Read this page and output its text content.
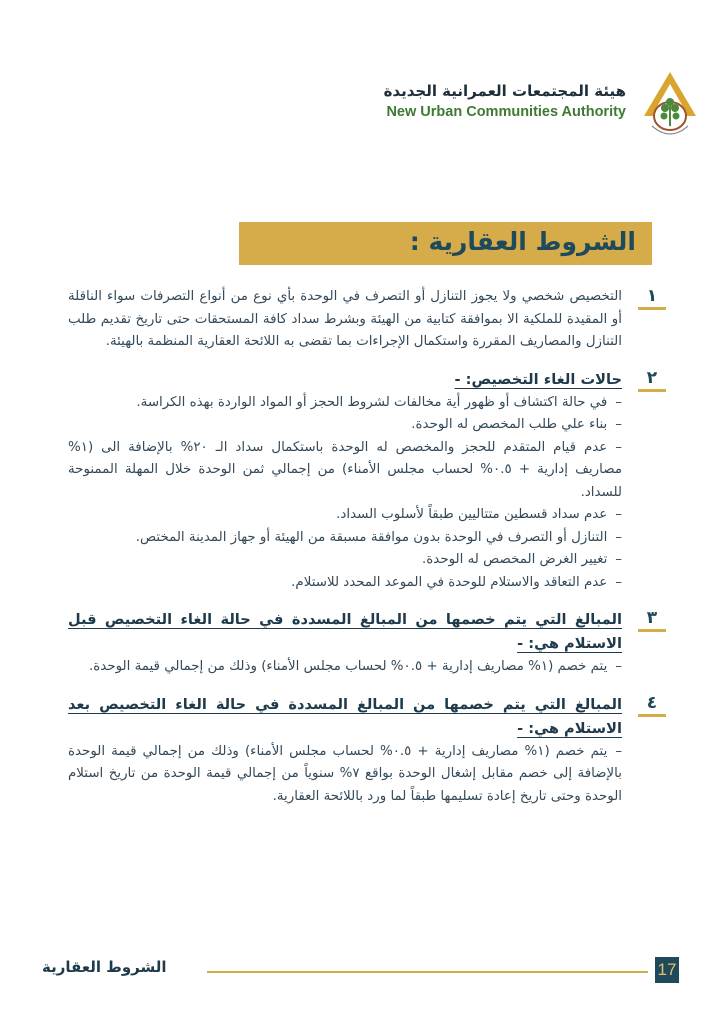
هيئة المجتمعات العمرانية الجديدة
New Urban Communities Authority
الشروط العقارية :
١
التخصيص شخصي ولا يجوز التنازل أو التصرف في الوحدة بأي نوع من أنواع التصرفات سواء الناقلة أو المقيدة للملكية الا بموافقة كتابية من الهيئة وبشرط سداد كافة المستحقات حتى تاريخ تقديم طلب التنازل والمصاريف المقررة واستكمال الإجراءات بما تقضى به اللائحة العقارية المنظمة بالهيئة.
٢
حالات الغاء التخصيص: -
–في حالة اكتشاف أو ظهور أية مخالفات لشروط الحجز أو المواد الواردة بهذه الكراسة.
–بناء علي طلب المخصص له الوحدة.
–عدم قيام المتقدم للحجز والمخصص له الوحدة باستكمال سداد الـ ٢٠% بالإضافة الى (١% مصاريف إدارية + ٠.٥% لحساب مجلس الأمناء) من إجمالي ثمن الوحدة خلال المهلة الممنوحة للسداد.
–عدم سداد قسطين متتاليين طبقاً لأسلوب السداد.
–التنازل أو التصرف في الوحدة بدون موافقة مسبقة من الهيئة أو جهاز المدينة المختص.
–تغيير الغرض المخصص له الوحدة.
–عدم التعاقد والاستلام للوحدة في الموعد المحدد للاستلام.
٣
المبالغ التي يتم خصمها من المبالغ المسددة في حالة الغاء التخصيص قبل الاستلام هي: -
–يتم خصم (١% مصاريف إدارية + ٠.٥% لحساب مجلس الأمناء) وذلك من إجمالي قيمة الوحدة.
٤
المبالغ التي يتم خصمها من المبالغ المسددة في حالة الغاء التخصيص بعد الاستلام هي: -
–يتم خصم (١% مصاريف إدارية + ٠.٥% لحساب مجلس الأمناء) وذلك من إجمالي قيمة الوحدة بالإضافة إلى خصم مقابل إشغال الوحدة بواقع ٧% سنوياً من إجمالي قيمة الوحدة من تاريخ استلام الوحدة وحتى تاريخ إعادة تسليمها طبقاً لما ورد باللائحة العقارية.
الشروط العقارية	17
